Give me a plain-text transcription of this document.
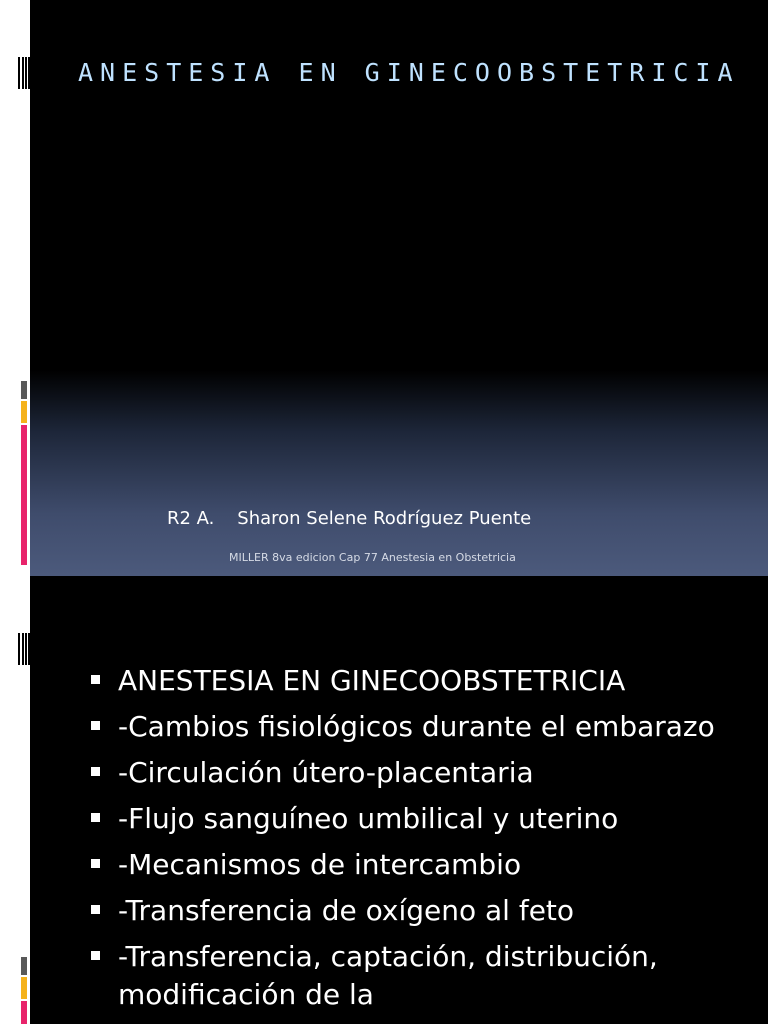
ANESTESIA EN GINECOOBSTETRICIA
R2 A.    Sharon Selene Rodríguez Puente
MILLER 8va edicion Cap 77 Anestesia en Obstetricia
ANESTESIA EN GINECOOBSTETRICIA
-Cambios fisiológicos durante el embarazo
-Circulación útero-placentaria
-Flujo sanguíneo umbilical y uterino
-Mecanismos de intercambio
-Transferencia de oxígeno al feto
-Transferencia, captación, distribución, modificación de la
